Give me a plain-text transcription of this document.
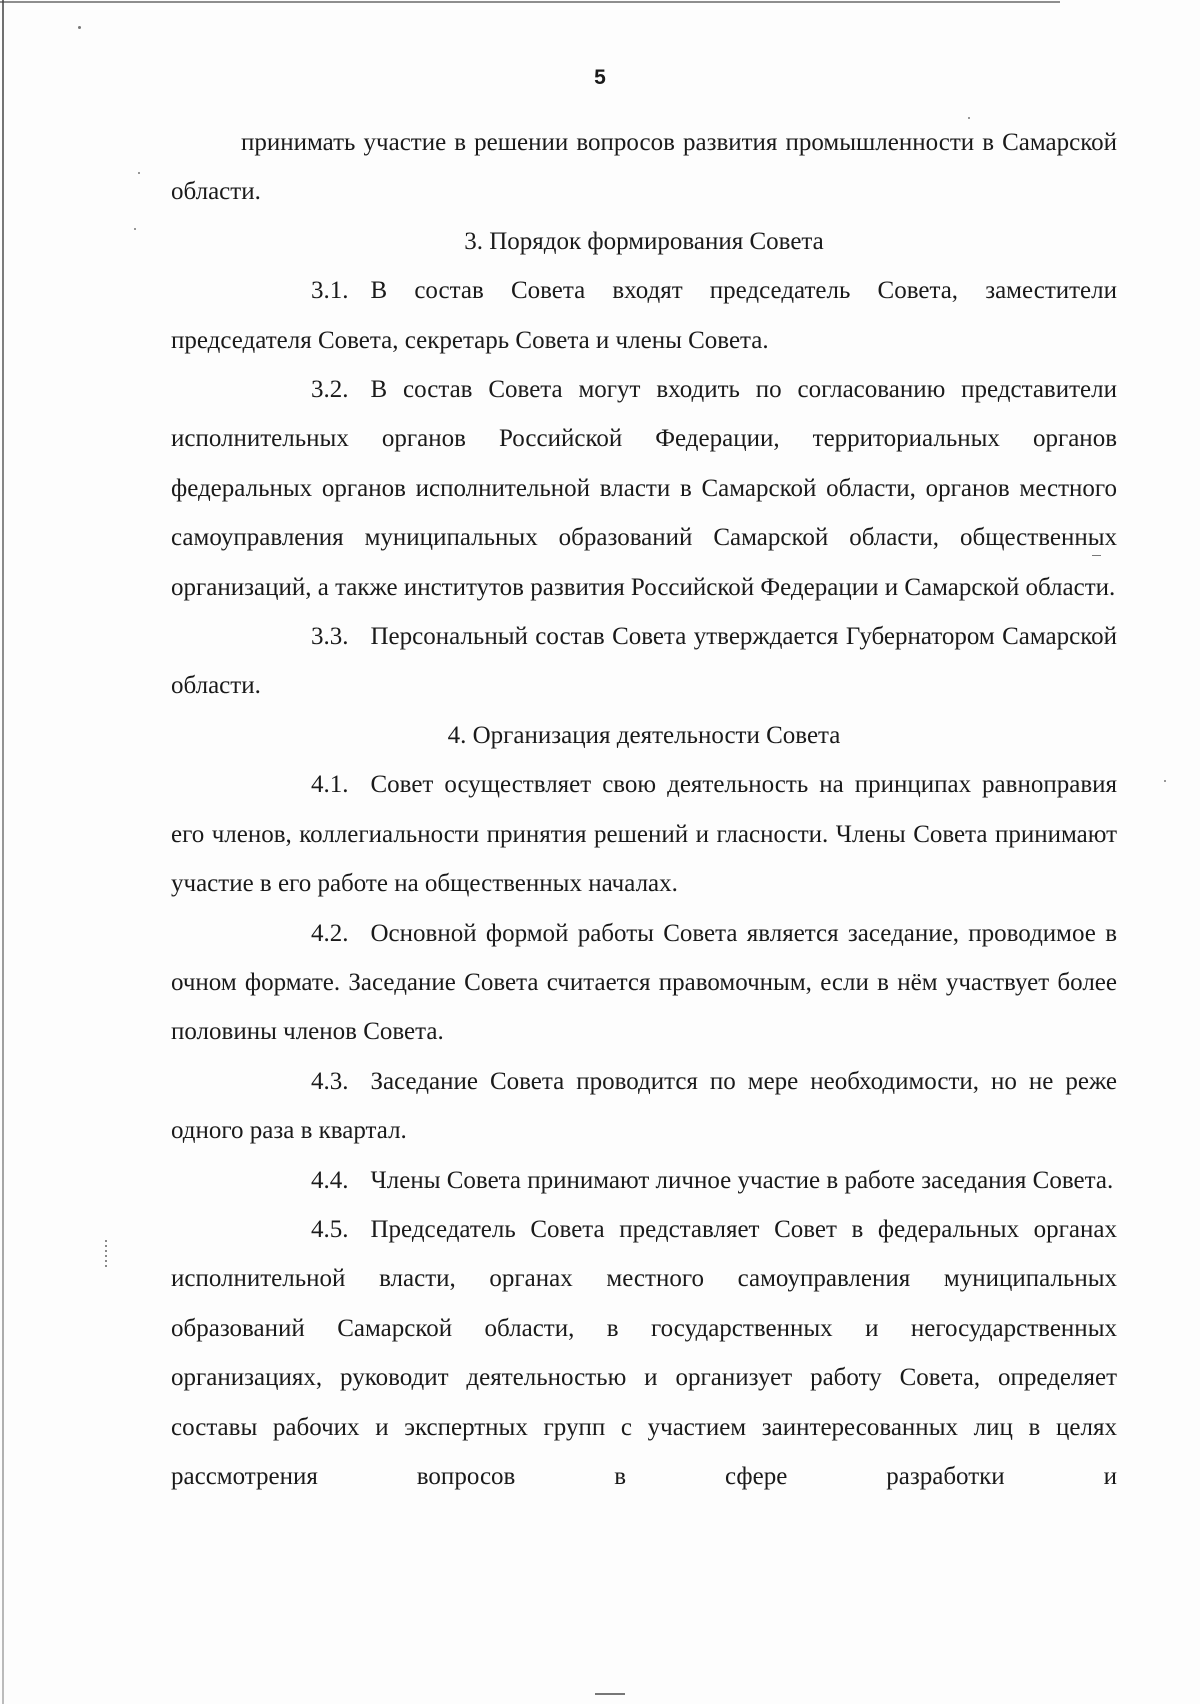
5

принимать участие в решении вопросов развития промышленности в Самарской области.

3. Порядок формирования Совета

3.1. В состав Совета входят председатель Совета, заместители председателя Совета, секретарь Совета и члены Совета.

3.2. В состав Совета могут входить по согласованию представители исполнительных органов Российской Федерации, территориальных органов федеральных органов исполнительной власти в Самарской области, органов местного самоуправления муниципальных образований Самарской области, общественных организаций, а также институтов развития Российской Федерации и Самарской области.

3.3. Персональный состав Совета утверждается Губернатором Самарской области.

4. Организация деятельности Совета

4.1. Совет осуществляет свою деятельность на принципах равноправия его членов, коллегиальности принятия решений и гласности. Члены Совета принимают участие в его работе на общественных началах.

4.2. Основной формой работы Совета является заседание, проводимое в очном формате. Заседание Совета считается правомочным, если в нём участвует более половины членов Совета.

4.3. Заседание Совета проводится по мере необходимости, но не реже одного раза в квартал.

4.4. Члены Совета принимают личное участие в работе заседания Совета.

4.5. Председатель Совета представляет Совет в федеральных органах исполнительной власти, органах местного самоуправления муниципальных образований Самарской области, в государственных и негосударственных организациях, руководит деятельностью и организует работу Совета, определяет составы рабочих и экспертных групп с участием заинтересованных лиц в целях рассмотрения вопросов в сфере разработки и
